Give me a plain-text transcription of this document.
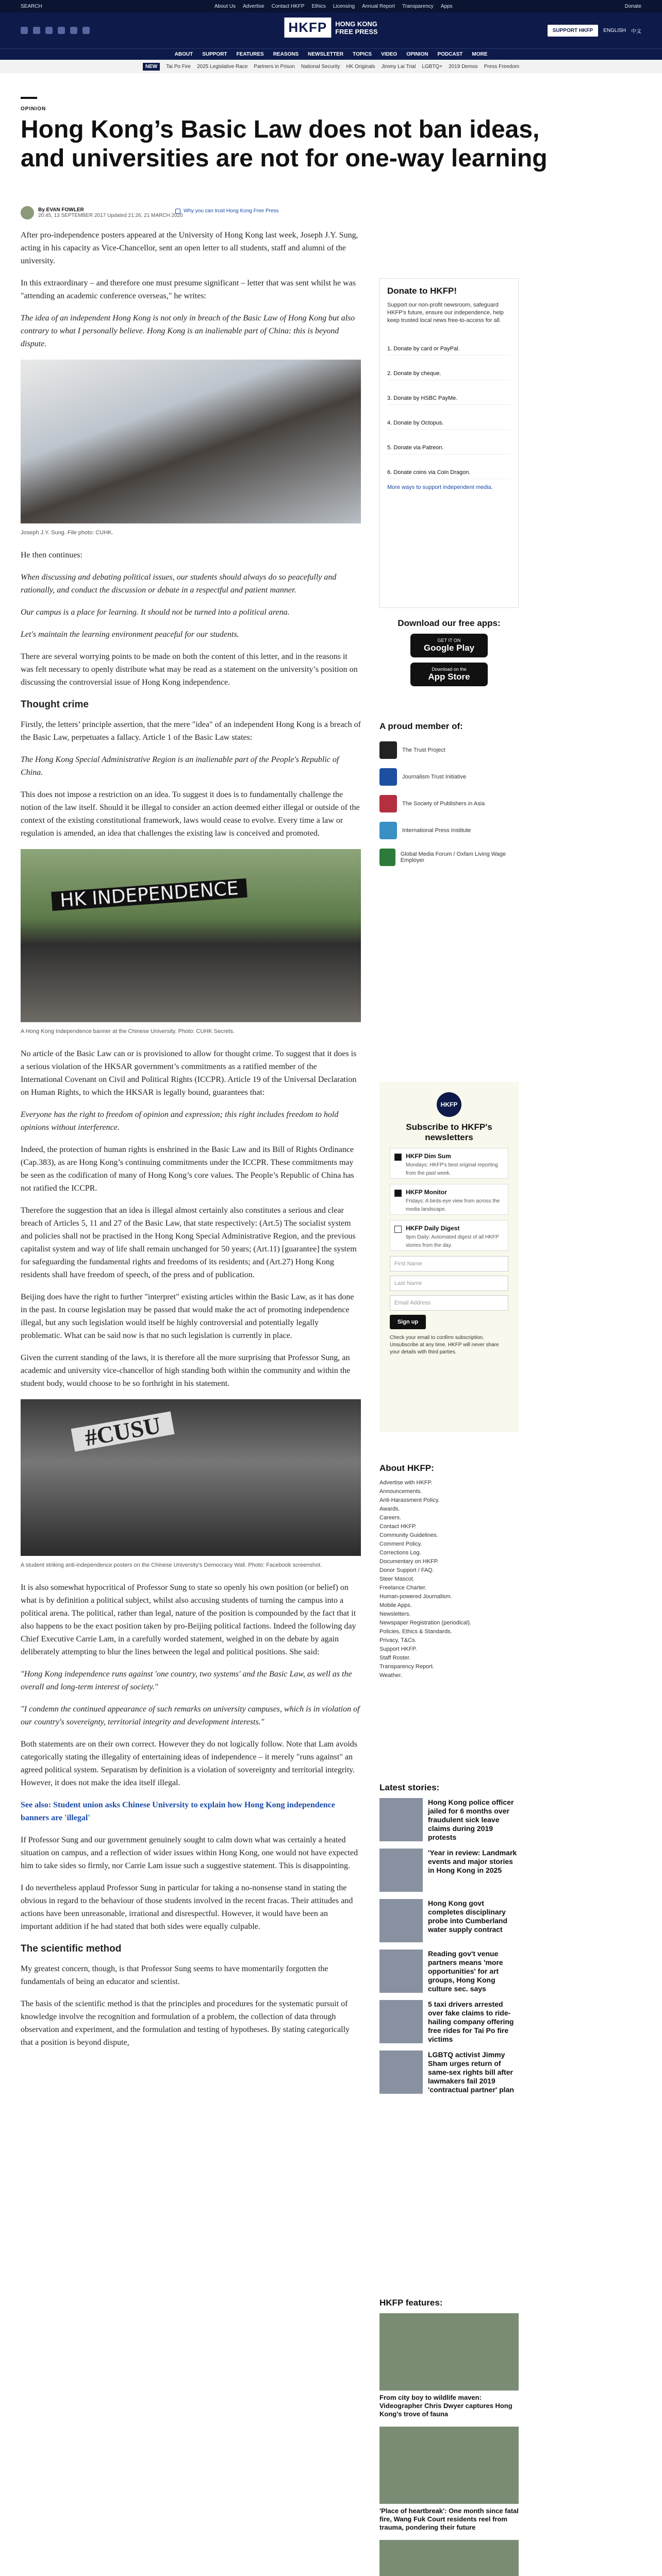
SEARCH	About Us Advertise Contact HKFP Ethics Licensing Annual Report Transparency Apps	Donate
HKFP	HONG KONG
FREE PRESS	SUPPORT HKFP	ENGLISH 中文
ABOUT SUPPORT FEATURES REASONS NEWSLETTER TOPICS VIDEO OPINION PODCAST MORE
NEW	Tai Po Fire 2025 Legislative Race Partners in Prison National Security HK Originals Jimmy Lai Trial LGBTQ+ 2019 Demos Press Freedom
OPINION
Hong Kong’s Basic Law does not ban ideas, and universities are not for one-way learning
By EVAN FOWLER
20:45, 13 SEPTEMBER 2017 Updated 21:26, 21 MARCH 2020
Why you can trust Hong Kong Free Press

After pro-independence posters appeared at the University of Hong Kong last week, Joseph J.Y. Sung, acting in his capacity as Vice-Chancellor, sent an open letter to all students, staff and alumni of the university.

In this extraordinary – and therefore one must presume significant – letter that was sent whilst he was "attending an academic conference overseas," he writes:

The idea of an independent Hong Kong is not only in breach of the Basic Law of Hong Kong but also contrary to what I personally believe. Hong Kong is an inalienable part of China: this is beyond dispute.

Joseph J.Y. Sung. File photo: CUHK.

He then continues:

When discussing and debating political issues, our students should always do so peacefully and rationally, and conduct the discussion or debate in a respectful and patient manner.

Our campus is a place for learning. It should not be turned into a political arena.

Let's maintain the learning environment peaceful for our students.

There are several worrying points to be made on both the content of this letter, and in the reasons it was felt necessary to openly distribute what may be read as a statement on the university’s position on discussing the controversial issue of Hong Kong independence.

Thought crime

Firstly, the letters’ principle assertion, that the mere "idea" of an independent Hong Kong is a breach of the Basic Law, perpetuates a fallacy. Article 1 of the Basic Law states:

The Hong Kong Special Administrative Region is an inalienable part of the People's Republic of China.

This does not impose a restriction on an idea. To suggest it does is to fundamentally challenge the notion of the law itself. Should it be illegal to consider an action deemed either illegal or outside of the context of the existing constitutional framework, laws would cease to evolve. Every time a law or regulation is amended, an idea that challenges the existing law is conceived and promoted.

HK INDEPENDENCE
A Hong Kong Independence banner at the Chinese University. Photo: CUHK Secrets.

No article of the Basic Law can or is provisioned to allow for thought crime. To suggest that it does is a serious violation of the HKSAR government’s commitments as a ratified member of the International Covenant on Civil and Political Rights (ICCPR). Article 19 of the Universal Declaration on Human Rights, to which the HKSAR is legally bound, guarantees that:

Everyone has the right to freedom of opinion and expression; this right includes freedom to hold opinions without interference.

Indeed, the protection of human rights is enshrined in the Basic Law and its Bill of Rights Ordinance (Cap.383), as are Hong Kong’s continuing commitments under the ICCPR. These commitments may be seen as the codification of many of Hong Kong’s core values. The People’s Republic of China has not ratified the ICCPR.

Therefore the suggestion that an idea is illegal almost certainly also constitutes a serious and clear breach of Articles 5, 11 and 27 of the Basic Law, that state respectively: (Art.5) The socialist system and policies shall not be practised in the Hong Kong Special Administrative Region, and the previous capitalist system and way of life shall remain unchanged for 50 years; (Art.11) [guarantee] the system for safeguarding the fundamental rights and freedoms of its residents; and (Art.27) Hong Kong residents shall have freedom of speech, of the press and of publication.

Beijing does have the right to further "interpret" existing articles within the Basic Law, as it has done in the past. In course legislation may be passed that would make the act of promoting independence illegal, but any such legislation would itself be highly controversial and potentially legally problematic. What can be said now is that no such legislation is currently in place.

Given the current standing of the laws, it is therefore all the more surprising that Professor Sung, an academic and university vice-chancellor of high standing both within the community and within the student body, would choose to be so forthright in his statement.

#CUSU
A student striking anti-independence posters on the Chinese University's Democracy Wall. Photo: Facebook screenshot.

It is also somewhat hypocritical of Professor Sung to state so openly his own position (or belief) on what is by definition a political subject, whilst also accusing students of turning the campus into a political arena. The political, rather than legal, nature of the position is compounded by the fact that it also happens to be the exact position taken by pro-Beijing political factions. Indeed the following day Chief Executive Carrie Lam, in a carefully worded statement, weighed in on the debate by again deliberately attempting to blur the lines between the legal and political positions. She said:

"Hong Kong independence runs against 'one country, two systems' and the Basic Law, as well as the overall and long-term interest of society."

"I condemn the continued appearance of such remarks on university campuses, which is in violation of our country's sovereignty, territorial integrity and development interests."

Both statements are on their own correct. However they do not logically follow. Note that Lam avoids categorically stating the illegality of entertaining ideas of independence – it merely "runs against" an agreed political system. Separatism by definition is a violation of sovereignty and territorial integrity. However, it does not make the idea itself illegal.

See also: Student union asks Chinese University to explain how Hong Kong independence banners are 'illegal'

If Professor Sung and our government genuinely sought to calm down what was certainly a heated situation on campus, and a reflection of wider issues within Hong Kong, one would not have expected him to take sides so firmly, nor Carrie Lam issue such a suggestive statement. This is disappointing.

I do nevertheless applaud Professor Sung in particular for taking a no-nonsense stand in stating the obvious in regard to the behaviour of those students involved in the recent fracas. Their attitudes and actions have been unreasonable, irrational and disrespectful. However, it would have been an important addition if he had stated that both sides were equally culpable.

The scientific method

My greatest concern, though, is that Professor Sung seems to have momentarily forgotten the fundamentals of being an educator and scientist.

The basis of the scientific method is that the principles and procedures for the systematic pursuit of knowledge involve the recognition and formulation of a problem, the collection of data through observation and experiment, and the formulation and testing of hypotheses. By stating categorically that a position is beyond dispute,

Donate to HKFP!
Support our non-profit newsroom, safeguard HKFP's future, ensure our independence, help keep trusted local news free-to-access for all.
1. Donate by card or PayPal.
2. Donate by cheque.
3. Donate by HSBC PayMe.
4. Donate by Octopus.
5. Donate via Patreon.
6. Donate coins via Coin Dragon.
More ways to support independent media.
Download our free apps:
GET IT ON
Google Play
Download on the
App Store
A proud member of:
The Trust Project
Journalism Trust Initiative
The Society of Publishers in Asia
International Press Institute
Global Media Forum / Oxfam Living Wage Employer
HKFP
Subscribe to HKFP's newsletters
HKFP Dim Sum
Mondays: HKFP's best original reporting from the past week.
HKFP Monitor
Fridays: A birds-eye view from across the media landscape.
HKFP Daily Digest
9pm Daily: Automated digest of all HKFP stories from the day.
First Name
Last Name
Email Address
Sign up
Check your email to confirm subscription. Unsubscribe at any time. HKFP will never share your details with third parties.
About HKFP:
Advertise with HKFP.
Announcements.
Anti-Harassment Policy.
Awards.
Careers.
Contact HKFP.
Community Guidelines.
Comment Policy.
Corrections Log.
Documentary on HKFP.
Donor Support / FAQ.
Steer Mascot.
Freelance Charter.
Human-powered Journalism.
Mobile Apps.
Newsletters.
Newspaper Registration (periodical).
Policies, Ethics & Standards.
Privacy, T&Cs.
Support HKFP.
Staff Roster.
Transparency Report.
Weather.
Latest stories:
Hong Kong police officer jailed for 6 months over fraudulent sick leave claims during 2019 protests
'Year in review: Landmark events and major stories in Hong Kong in 2025
Hong Kong govt completes disciplinary probe into Cumberland water supply contract
Reading gov't venue partners means 'more opportunities' for art groups, Hong Kong culture sec. says
5 taxi drivers arrested over fake claims to ride-hailing company offering free rides for Tai Po fire victims
LGBTQ activist Jimmy Sham urges return of same-sex rights bill after lawmakers fail 2019 'contractual partner' plan
HKFP features:
From city boy to wildlife maven: Videographer Chris Dwyer captures Hong Kong's trove of fauna
'Place of heartbreak': One month since fatal fire, Wang Fuk Court residents reel from trauma, pondering their future
